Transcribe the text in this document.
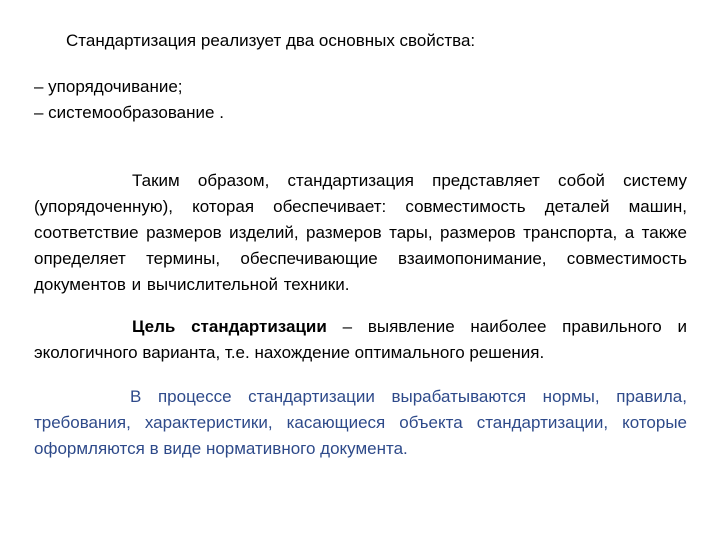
Стандартизация реализует два основных свойства:
– упорядочивание;
– системообразование .

Таким образом, стандартизация представляет собой систему (упорядоченную), которая обеспечивает: совместимость деталей машин, соответствие размеров изделий, размеров тары, размеров транспорта, а также определяет термины, обеспечивающие взаимопонимание, совместимость документов и вычислительной техники.

Цель стандартизации – выявление наиболее правильного и экологичного варианта, т.е. нахождение оптимального решения.

В процессе стандартизации вырабатываются нормы, правила, требования, характеристики, касающиеся объекта стандартизации, которые оформляются в виде нормативного документа.
